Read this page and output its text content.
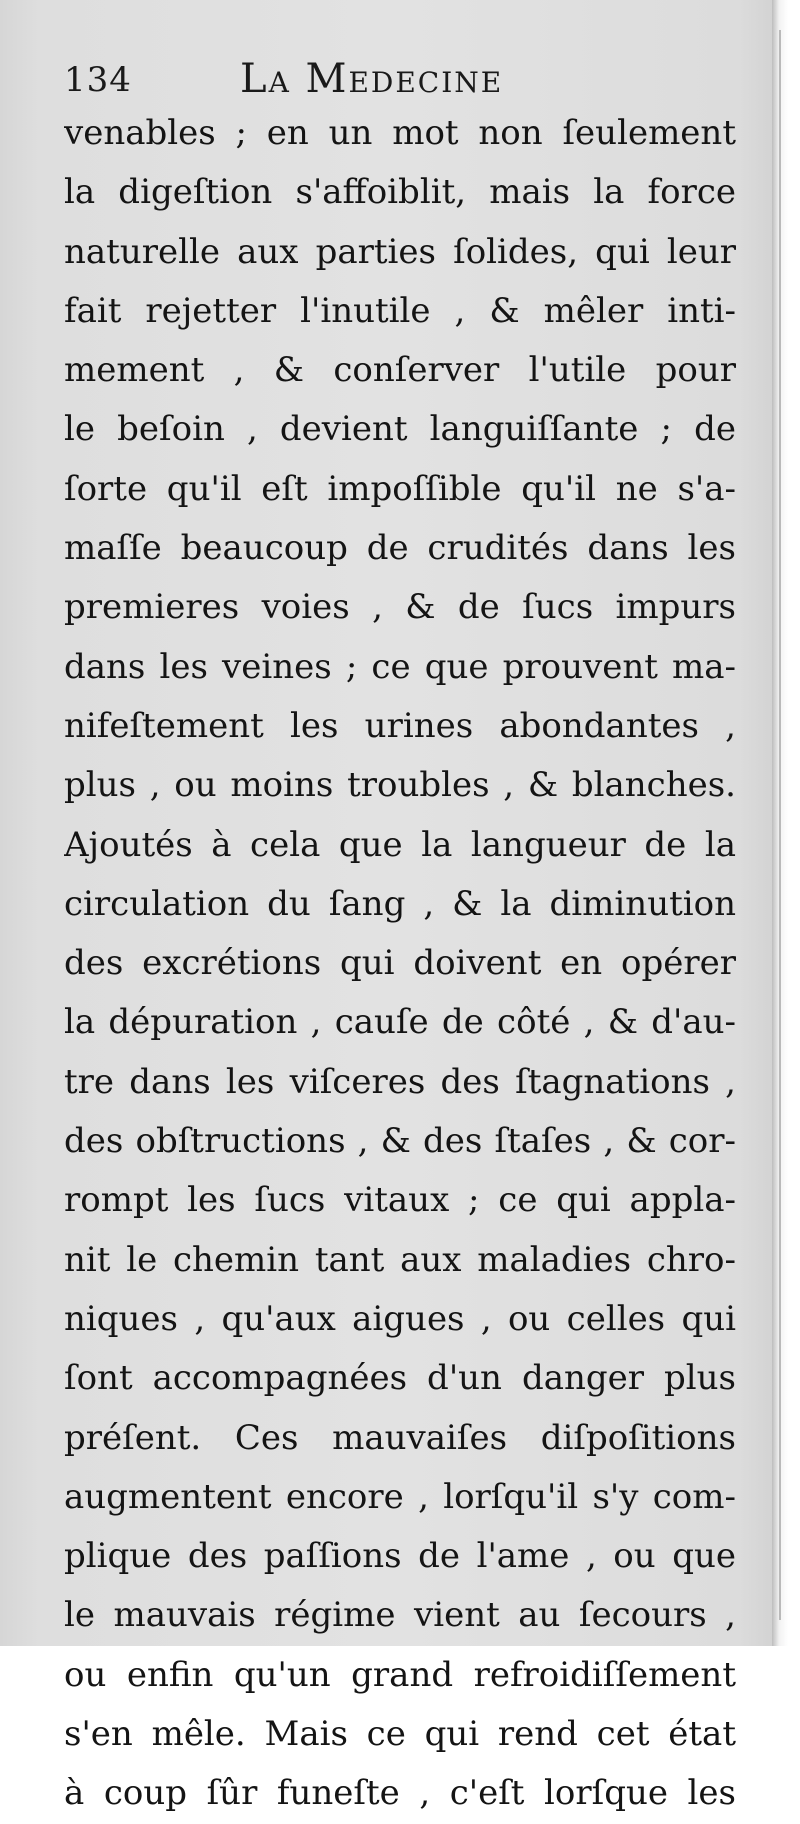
134	La Medecine
venables ; en un mot non ſeulement
la digeſtion s'affoiblit, mais la force
naturelle aux parties ſolides, qui leur
fait rejetter l'inutile , & mêler inti-
mement , & conſerver l'utile pour
le beſoin , devient languiſſante ; de
ſorte qu'il eſt impoſſible qu'il ne s'a-
maſſe beaucoup de crudités dans les
premieres voies , & de ſucs impurs
dans les veines ; ce que prouvent ma-
nifeſtement les urines abondantes ,
plus , ou moins troubles , & blanches.
Ajoutés à cela que la langueur de la
circulation du ſang , & la diminution
des excrétions qui doivent en opérer
la dépuration , cauſe de côté , & d'au-
tre dans les viſceres des ſtagnations ,
des obſtructions , & des ſtaſes , & cor-
rompt les ſucs vitaux ; ce qui appla-
nit le chemin tant aux maladies chro-
niques , qu'aux aigues , ou celles qui
ſont accompagnées d'un danger plus
préſent. Ces mauvaiſes diſpoſitions
augmentent encore , lorſqu'il s'y com-
plique des paſſions de l'ame , ou que
le mauvais régime vient au ſecours ,
ou enfin qu'un grand refroidiſſement
s'en mêle. Mais ce qui rend cet état
à coup ſûr funeſte , c'eſt lorſque les
